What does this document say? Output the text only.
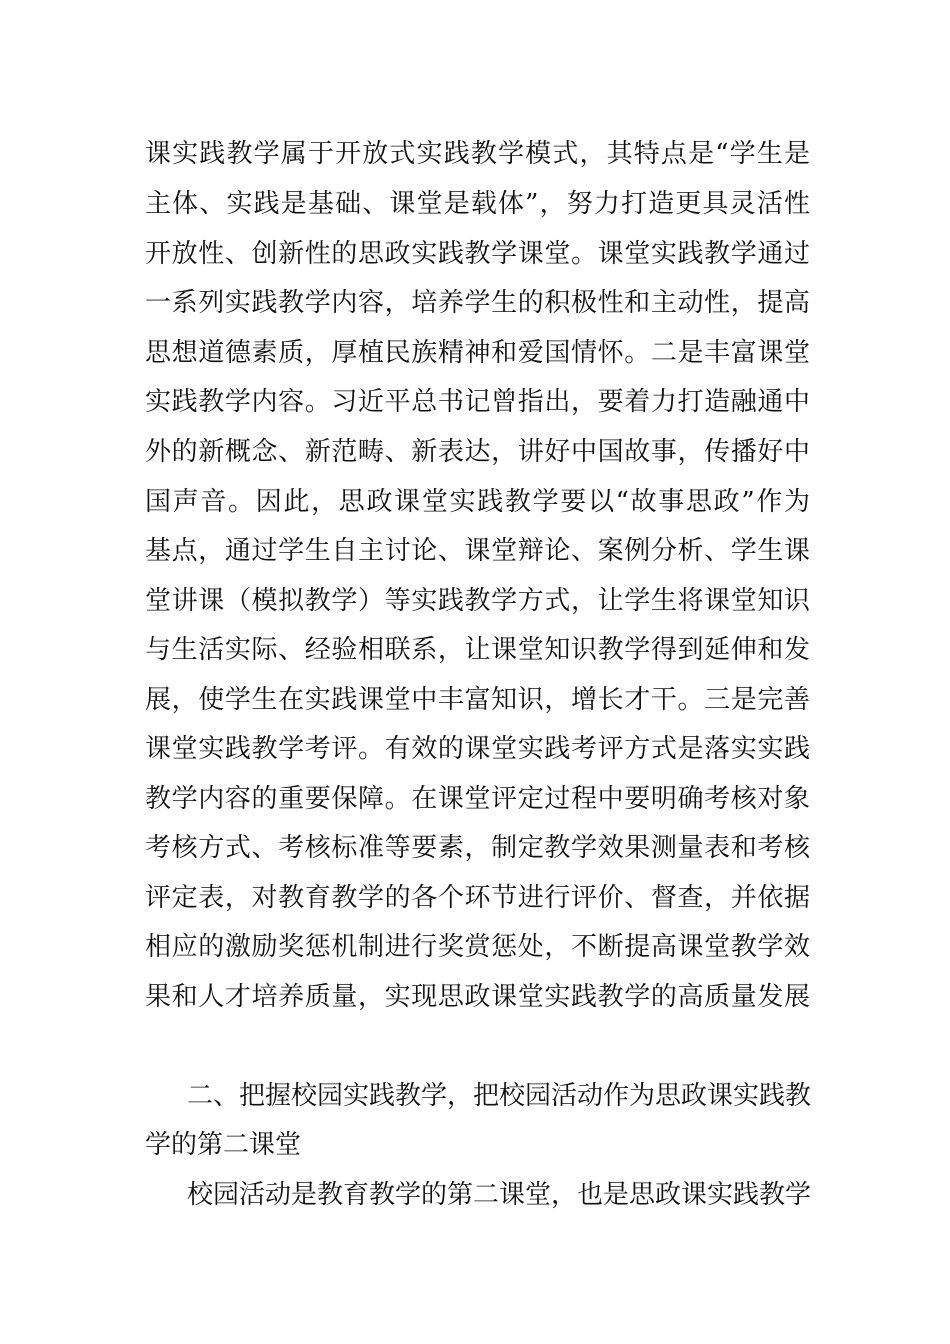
课实践教学属于开放式实践教学模式，其特点是“学生是
主体、实践是基础、课堂是载体”，努力打造更具灵活性
开放性、创新性的思政实践教学课堂。课堂实践教学通过
一系列实践教学内容，培养学生的积极性和主动性，提高
思想道德素质，厚植民族精神和爱国情怀。二是丰富课堂
实践教学内容。习近平总书记曾指出，要着力打造融通中
外的新概念、新范畴、新表达，讲好中国故事，传播好中
国声音。因此，思政课堂实践教学要以“故事思政”作为
基点，通过学生自主讨论、课堂辩论、案例分析、学生课
堂讲课（模拟教学）等实践教学方式，让学生将课堂知识
与生活实际、经验相联系，让课堂知识教学得到延伸和发
展，使学生在实践课堂中丰富知识，增长才干。三是完善
课堂实践教学考评。有效的课堂实践考评方式是落实实践
教学内容的重要保障。在课堂评定过程中要明确考核对象
考核方式、考核标准等要素，制定教学效果测量表和考核
评定表，对教育教学的各个环节进行评价、督查，并依据
相应的激励奖惩机制进行奖赏惩处，不断提高课堂教学效
果和人才培养质量，实现思政课堂实践教学的高质量发展
二、把握校园实践教学，把校园活动作为思政课实践教
学的第二课堂
校园活动是教育教学的第二课堂，也是思政课实践教学
